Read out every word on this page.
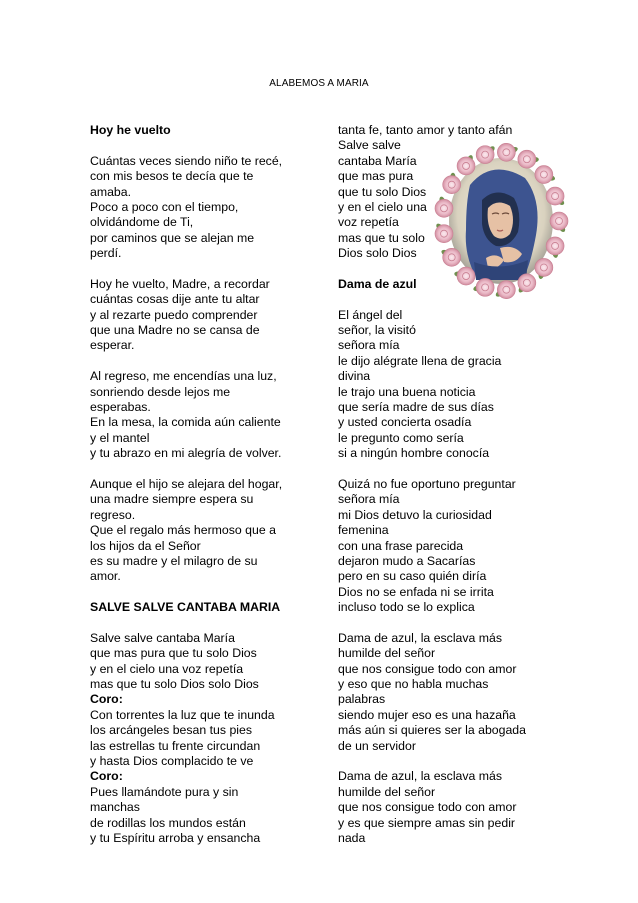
ALABEMOS A MARIA
Hoy he vuelto
Cuántas veces siendo niño te recé,
con mis besos te decía que te
amaba.
Poco a poco con el tiempo,
olvidándome de Ti,
por caminos que se alejan me
perdí.
Hoy he vuelto, Madre, a recordar
cuántas cosas dije ante tu altar
y al rezarte puedo comprender
que una Madre no se cansa de
esperar.
Al regreso, me encendías una luz,
sonriendo desde lejos me
esperabas.
En la mesa, la comida aún caliente
y el mantel
y tu abrazo en mi alegría de volver.
Aunque el hijo se alejara del hogar,
una madre siempre espera su
regreso.
Que el regalo más hermoso que a
los hijos da el Señor
es su madre y el milagro de su
amor.
SALVE SALVE CANTABA MARIA
Salve salve cantaba María
que mas pura que tu solo Dios
y en el cielo una voz repetía
mas que tu solo Dios solo Dios
Coro:
Con torrentes la luz que te inunda
los arcángeles besan tus pies
las estrellas tu frente circundan
y hasta Dios complacido te ve
Coro:
Pues llamándote pura y sin
manchas
de rodillas los mundos están
y tu Espíritu arroba y ensancha
tanta fe, tanto amor y tanto afán
Salve salve
cantaba María
que mas pura
que tu solo Dios
y en el cielo una
voz repetía
mas que tu solo
Dios solo Dios
Dama de azul
El ángel del
señor, la visitó
señora mía
le dijo alégrate llena de gracia
divina
le trajo una buena noticia
que sería madre de sus días
y usted concierta osadía
le pregunto como sería
si a ningún hombre conocía
Quizá no fue oportuno preguntar
señora mía
mi Dios detuvo la curiosidad
femenina
con una frase parecida
dejaron mudo a Sacarías
pero en su caso quién diría
Dios no se enfada ni se irrita
incluso todo se lo explica
Dama de azul, la esclava más
humilde del señor
que nos consigue todo con amor
y eso que no habla muchas
palabras
siendo mujer eso es una hazaña
más aún si quieres ser la abogada
de un servidor
Dama de azul, la esclava más
humilde del señor
que nos consigue todo con amor
y es que siempre amas sin pedir
nada
